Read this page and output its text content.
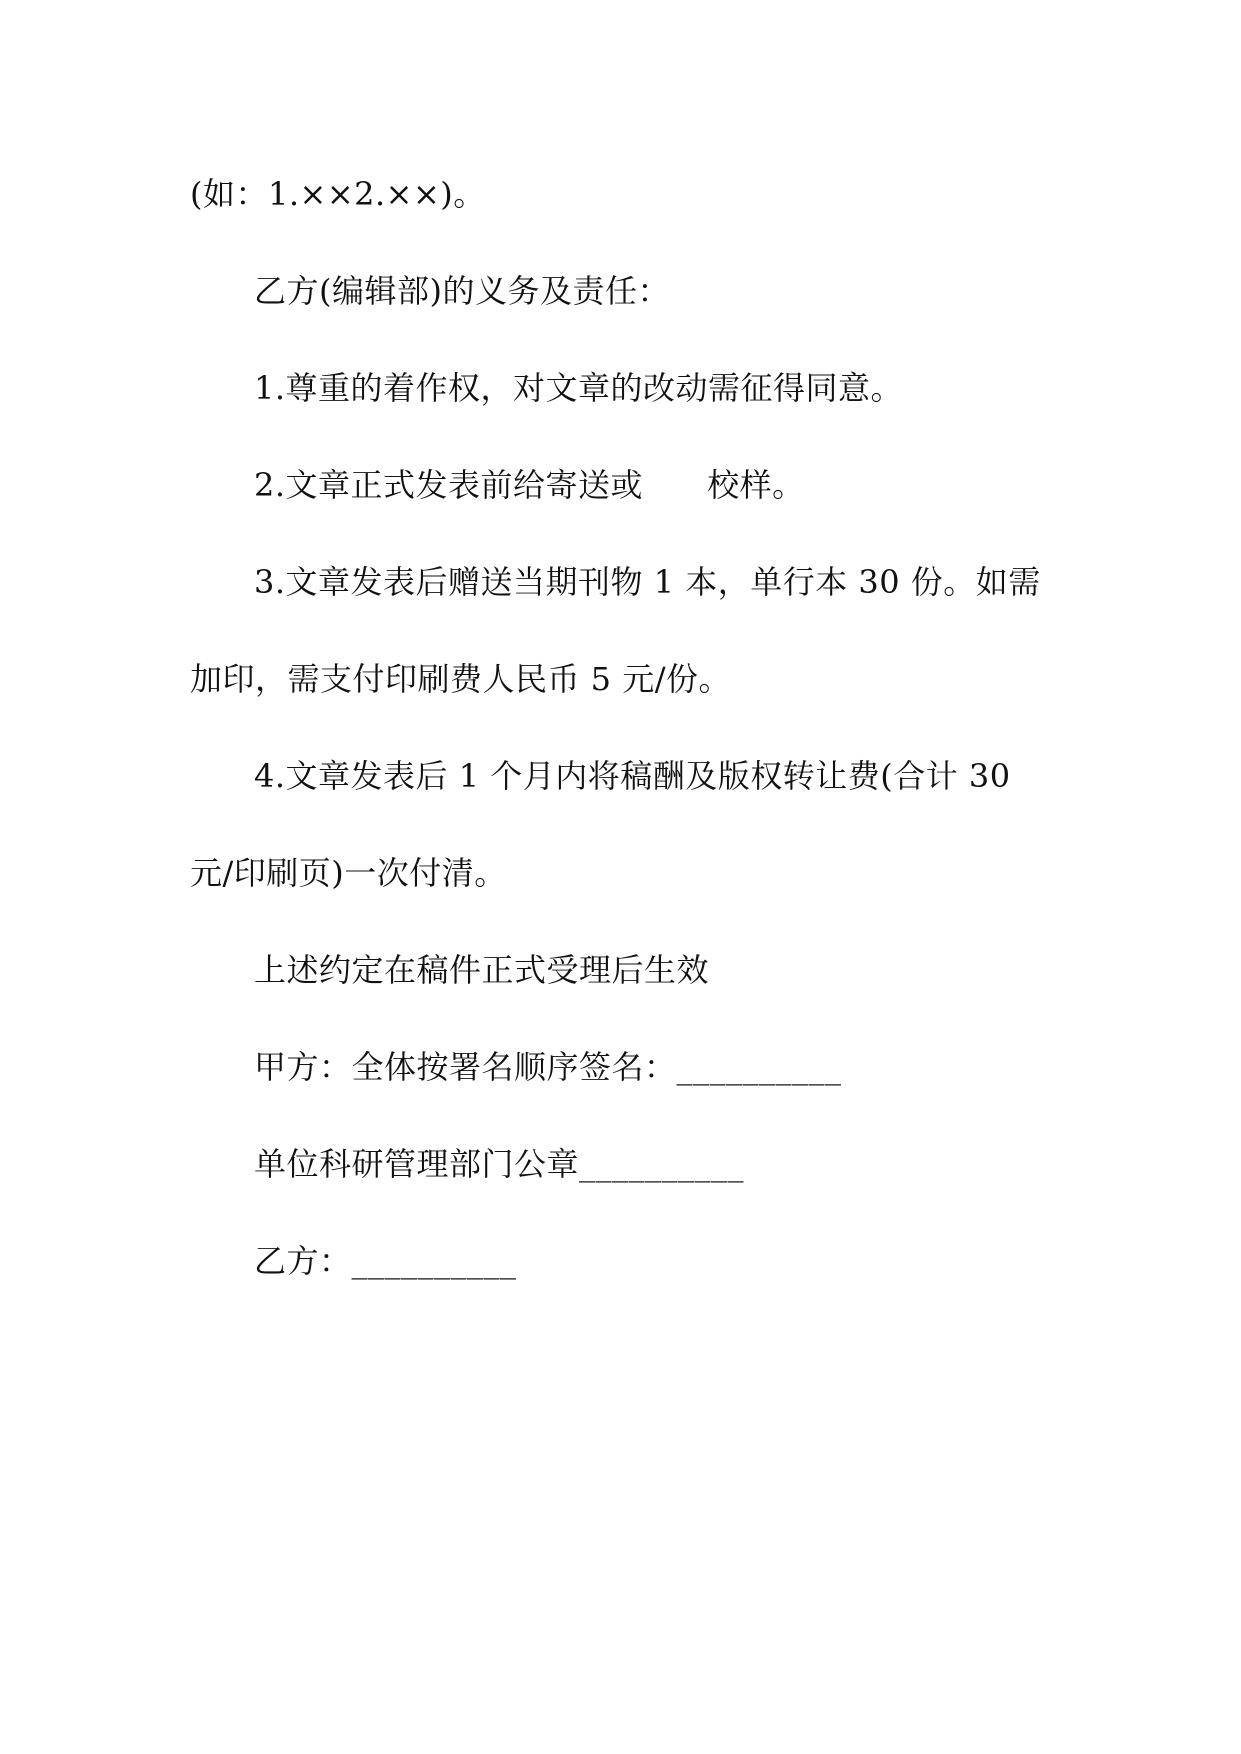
(如：1.××2.××)。

乙方(编辑部)的义务及责任：

1.尊重的着作权，对文章的改动需征得同意。

2.文章正式发表前给寄送或      校样。

3.文章发表后赠送当期刊物 1 本，单行本 30 份。如需

加印，需支付印刷费人民币 5 元/份。

4.文章发表后 1 个月内将稿酬及版权转让费(合计 30

元/印刷页)一次付清。

上述约定在稿件正式受理后生效

甲方：全体按署名顺序签名：__________

单位科研管理部门公章__________

乙方：__________
